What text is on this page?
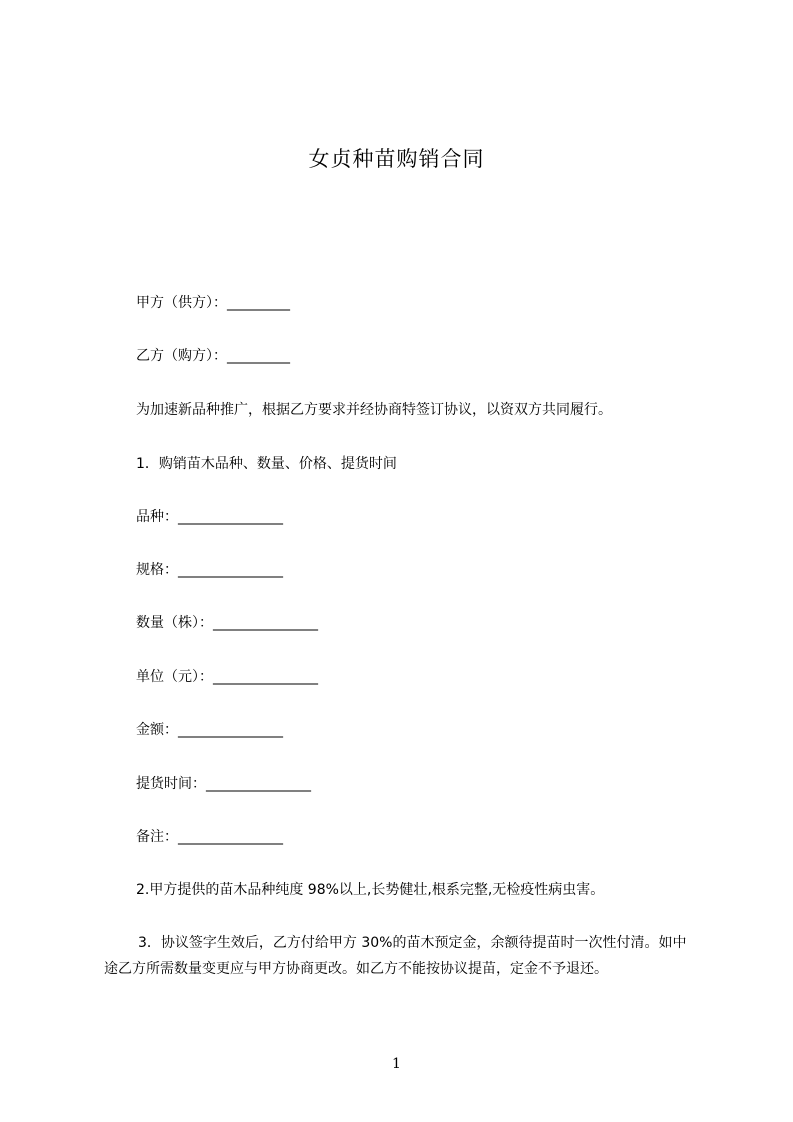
女贞种苗购销合同
甲方（供方）：_________
乙方（购方）：_________
为加速新品种推广，根据乙方要求并经协商特签订协议，以资双方共同履行。
1．购销苗木品种、数量、价格、提货时间
品种：_______________
规格：_______________
数量（株）：_______________
单位（元）：_______________
金额：_______________
提货时间：_______________
备注：_______________
2.甲方提供的苗木品种纯度 98%以上,长势健壮,根系完整,无检疫性病虫害。
3．协议签字生效后，乙方付给甲方 30%的苗木预定金，余额待提苗时一次性付清。如中途乙方所需数量变更应与甲方协商更改。如乙方不能按协议提苗，定金不予退还。
1
